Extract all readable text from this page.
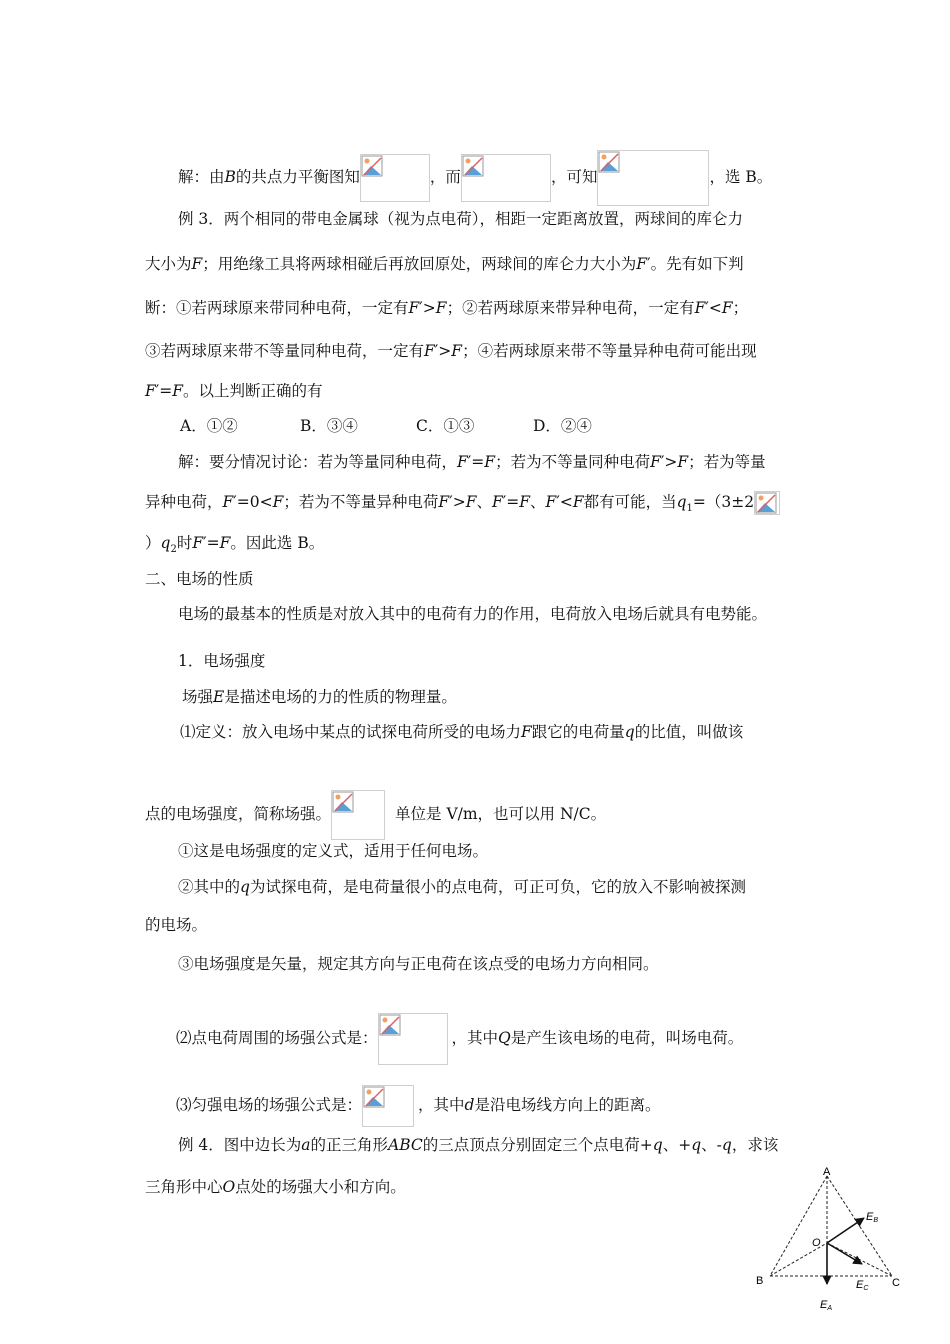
解：由B的共点力平衡图知	，而	，可知	，选 B。
例 3．两个相同的带电金属球（视为点电荷），相距一定距离放置，两球间的库仑力
大小为F；用绝缘工具将两球相碰后再放回原处，两球间的库仑力大小为F′。先有如下判
断：①若两球原来带同种电荷，一定有F′>F；②若两球原来带异种电荷，一定有F′<F；
③若两球原来带不等量同种电荷，一定有F′>F；④若两球原来带不等量异种电荷可能出现
F′=F。以上判断正确的有
A．①②	B．③④	C．①③	D．②④
解：要分情况讨论：若为等量同种电荷，F′=F；若为不等量同种电荷F′>F；若为等量
异种电荷，F′=0<F；若为不等量异种电荷F′>F、F′=F、F′<F都有可能，当$q_1=(3\pm 2$
）$q_2$时F′=F。因此选 B。
二、电场的性质
电场的最基本的性质是对放入其中的电荷有力的作用，电荷放入电场后就具有电势能。
1．电场强度
场强E是描述电场的力的性质的物理量。
⑴定义：放入电场中某点的试探电荷所受的电场力F跟它的电荷量q的比值，叫做该
点的电场强度，简称场强。	单位是 V/m，也可以用 N/C。
①这是电场强度的定义式，适用于任何电场。
②其中的q为试探电荷，是电荷量很小的点电荷，可正可负，它的放入不影响被探测
的电场。
③电场强度是矢量，规定其方向与正电荷在该点受的电场力方向相同。
⑵点电荷周围的场强公式是：	，其中Q是产生该电场的电荷，叫场电荷。
⑶匀强电场的场强公式是：	，其中d是沿电场线方向上的距离。
例 4．图中边长为a的正三角形ABC的三点顶点分别固定三个点电荷+q、+q、-q，求该
三角形中心O点处的场强大小和方向。
A
B	C
O
EB
EC
EA
